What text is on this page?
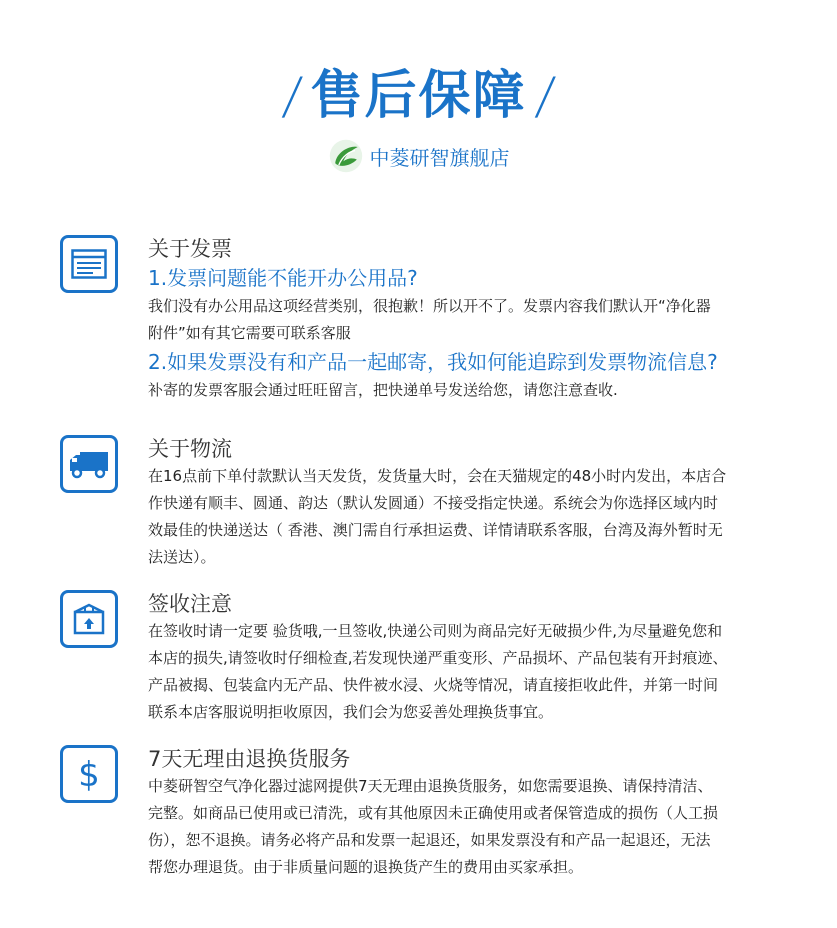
/ 售后保障 /
中菱研智旗舰店

关于发票

1.发票问题能不能开办公用品?

我们没有办公用品这项经营类别，很抱歉！所以开不了。发票内容我们默认开“净化器

附件”如有其它需要可联系客服

2.如果发票没有和产品一起邮寄，我如何能追踪到发票物流信息?

补寄的发票客服会通过旺旺留言，把快递单号发送给您，请您注意查收.

关于物流

在16点前下单付款默认当天发货，发货量大时，会在天猫规定的48小时内发出，本店合

作快递有顺丰、圆通、韵达（默认发圆通）不接受指定快递。系统会为你选择区域内时

效最佳的快递送达（ 香港、澳门需自行承担运费、详情请联系客服，台湾及海外暂时无

法送达）。

签收注意

在签收时请一定要 验货哦,一旦签收,快递公司则为商品完好无破损少件,为尽量避免您和

本店的损失,请签收时仔细检查,若发现快递严重变形、产品损坏、产品包装有开封痕迹、

产品被揭、包装盒内无产品、快件被水浸、火烧等情况，请直接拒收此件，并第一时间

联系本店客服说明拒收原因，我们会为您妥善处理换货事宜。

$ 7天无理由退换货服务

中菱研智空气净化器过滤网提供7天无理由退换货服务，如您需要退换、请保持清洁、

完整。如商品已使用或已清洗，或有其他原因未正确使用或者保管造成的损伤（人工损

伤），恕不退换。请务必将产品和发票一起退还，如果发票没有和产品一起退还，无法

帮您办理退货。由于非质量问题的退换货产生的费用由买家承担。
